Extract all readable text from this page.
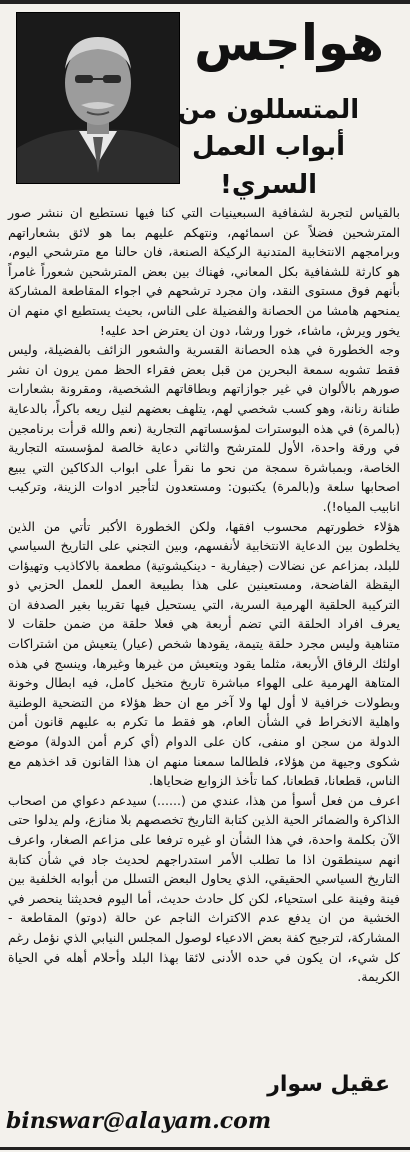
هواجس
المتسللون من
أبواب العمل السري!

بالقياس لتجربة لشفافية السبعينيات التي كنا فيها نستطيع ان ننشر صور المترشحين فضلاً عن اسمائهم، ونتهكم عليهم بما هو لائق بشعاراتهم وبرامجهم الانتخابية المتدنية الركيكة الصنعة، فان حالنا مع مترشحي اليوم، هو كارثة للشفافية بكل المعاني، فهناك بين بعض المترشحين شعوراً غامراً بأنهم فوق مستوى النقد، وان مجرد ترشحهم في اجواء المقاطعة المشاركة يمنحهم هامشا من الحصانة والفضيلة على الناس، بحيث يستطيع اي منهم ان يخور ويرش، ماشاء، خورا ورشا، دون ان يعترض احد عليه!

وجه الخطورة في هذه الحصانة القسرية والشعور الزائف بالفضيلة، وليس فقط تشويه سمعة البحرين من قبل بعض فقراء الحظ ممن يرون ان نشر صورهم بالألوان في غير جوازاتهم وبطاقاتهم الشخصية، ومقرونة بشعارات طنانة رنانة، وهو كسب شخصي لهم، يتلهف بعضهم لنيل ريعه باكراً، بالدعاية (بالمرة) في هذه البوسترات لمؤسساتهم التجارية (نعم والله قرأت برنامجين في ورقة واحدة، الأول للمترشح والثاني دعاية خالصة لمؤسسته التجارية الخاصة، وبمباشرة سمجة من نحو ما نقرأ على ابواب الدكاكين التي يبيع اصحابها سلعة و(بالمرة) يكتبون: ومستعدون لتأجير ادوات الزينة، وتركيب انابيب المياه!).

هؤلاء خطورتهم محسوب افقها، ولكن الخطورة الأكبر تأتي من الذين يخلطون بين الدعاية الانتخابية لأنفسهم، وبين التجني على التاريخ السياسي للبلد، بمزاعم عن نضالات (جيفارية - دينكيشوتية) مطعمة بالاكاذيب وتهيؤات اليقظة الفاضحة، ومستعينين على هذا بطبيعة العمل للعمل الحزبي ذو التركيبة الحلقية الهرمية السرية، التي يستحيل فيها تقريبا بغير الصدفة ان يعرف افراد الحلقة التي تضم أربعة هي فعلا حلقة من ضمن حلقات لا متناهية وليس مجرد حلقة يتيمة، يقودها شخص (عيار) يتعيش من اشتراكات اولئك الرفاق الأربعة، مثلما يقود ويتعيش من غيرها وغيرها، وينسج في هذه المتاهة الهرمية على الهواء مباشرة تاريخ متخيل كامل، فيه ابطال وخونة وبطولات خرافية لا أول لها ولا آخر مع ان حظ هؤلاء من التضحية الوطنية واهلية الانخراط في الشأن العام، هو فقط ما تكرم به عليهم قانون أمن الدولة من سجن او منفى، كان على الدوام (أي كرم أمن الدولة) موضع شكوى وجيهة من هؤلاء، فلطالما سمعنا منهم ان هذا القانون قد اخذهم مع الناس، قطعانا، قطعانا، كما تأخذ الزوابع ضحاياها.

اعرف من فعل أسوأ من هذا، عندي من (......) سيدعم دعواي من اصحاب الذاكرة والضمائر الحية الذين كتابة التاريخ تخصصهم بلا منازع، ولم يدلوا حتى الآن بكلمة واحدة، في هذا الشأن او غيره ترفعا على مزاعم الصغار، واعرف انهم سينطقون اذا ما تطلب الأمر استدراجهم لحديث جاد في شأن كتابة التاريخ السياسي الحقيقي، الذي يحاول البعض التسلل من أبوابه الخلفية بين فينة وفينة على استحياء، لكن كل حادث حديث، أما اليوم فحديثنا ينحصر في الخشية من ان يدفع عدم الاكتراث الناجم عن حالة (دوتو) المقاطعة - المشاركة، لترجيح كفة بعض الادعياء لوصول المجلس النيابي الذي نؤمل رغم كل شيء، ان يكون في حده الأدنى لائقا بهذا البلد وأحلام أهله في الحياة الكريمة.

عقيل سوار
binswar@alayam.com
